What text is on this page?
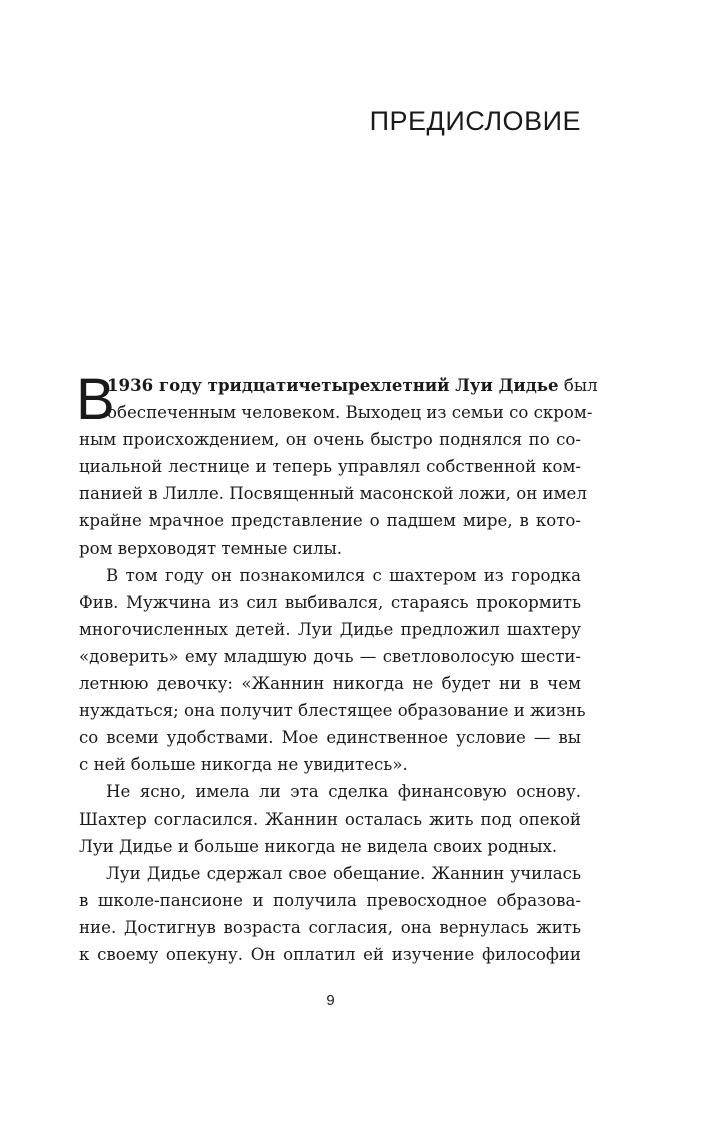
ПРЕДИСЛОВИЕ
В
1936 году тридцатичетырехлетний Луи Дидье был
обеспеченным человеком. Выходец из семьи со скром-
ным происхождением, он очень быстро поднялся по со-
циальной лестнице и теперь управлял собственной ком-
панией в Лилле. Посвященный масонской ложи, он имел
крайне мрачное представление о падшем мире, в кото-
ром верховодят темные силы.
В том году он познакомился с шахтером из городка
Фив. Мужчина из сил выбивался, стараясь прокормить
многочисленных детей. Луи Дидье предложил шахтеру
«доверить» ему младшую дочь — светловолосую шести-
летнюю девочку: «Жаннин никогда не будет ни в чем
нуждаться; она получит блестящее образование и жизнь
со всеми удобствами. Мое единственное условие — вы
с ней больше никогда не увидитесь».
Не ясно, имела ли эта сделка финансовую основу.
Шахтер согласился. Жаннин осталась жить под опекой
Луи Дидье и больше никогда не видела своих родных.
Луи Дидье сдержал свое обещание. Жаннин училась
в школе-пансионе и получила превосходное образова-
ние. Достигнув возраста согласия, она вернулась жить
к своему опекуну. Он оплатил ей изучение философии
9
